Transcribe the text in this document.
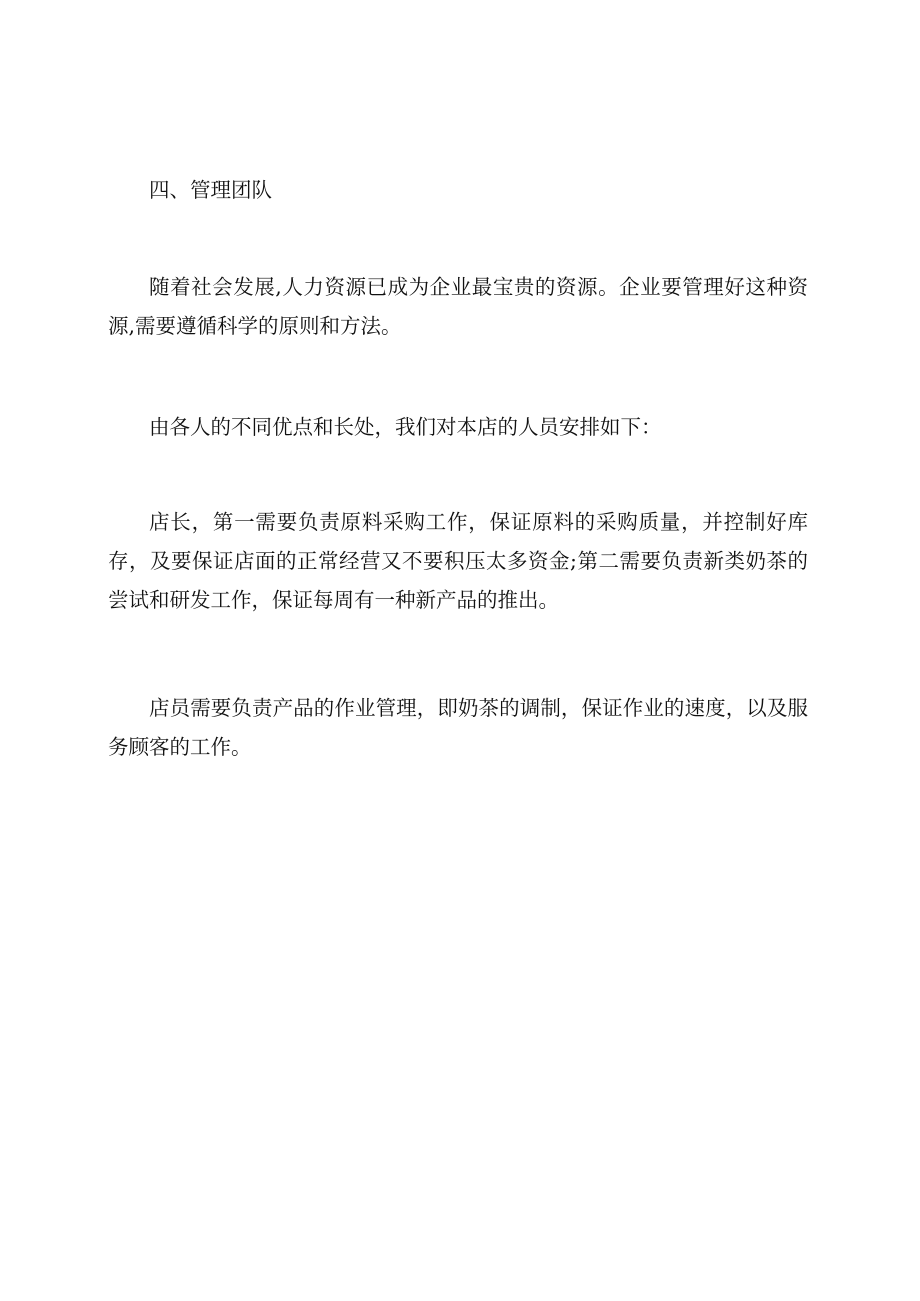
四、管理团队

随着社会发展,人力资源已成为企业最宝贵的资源。企业要管理好这种资源,需要遵循科学的原则和方法。

由各人的不同优点和长处，我们对本店的人员安排如下：

店长，第一需要负责原料采购工作，保证原料的采购质量，并控制好库存，及要保证店面的正常经营又不要积压太多资金;第二需要负责新类奶茶的尝试和研发工作，保证每周有一种新产品的推出。

店员需要负责产品的作业管理，即奶茶的调制，保证作业的速度，以及服务顾客的工作。
